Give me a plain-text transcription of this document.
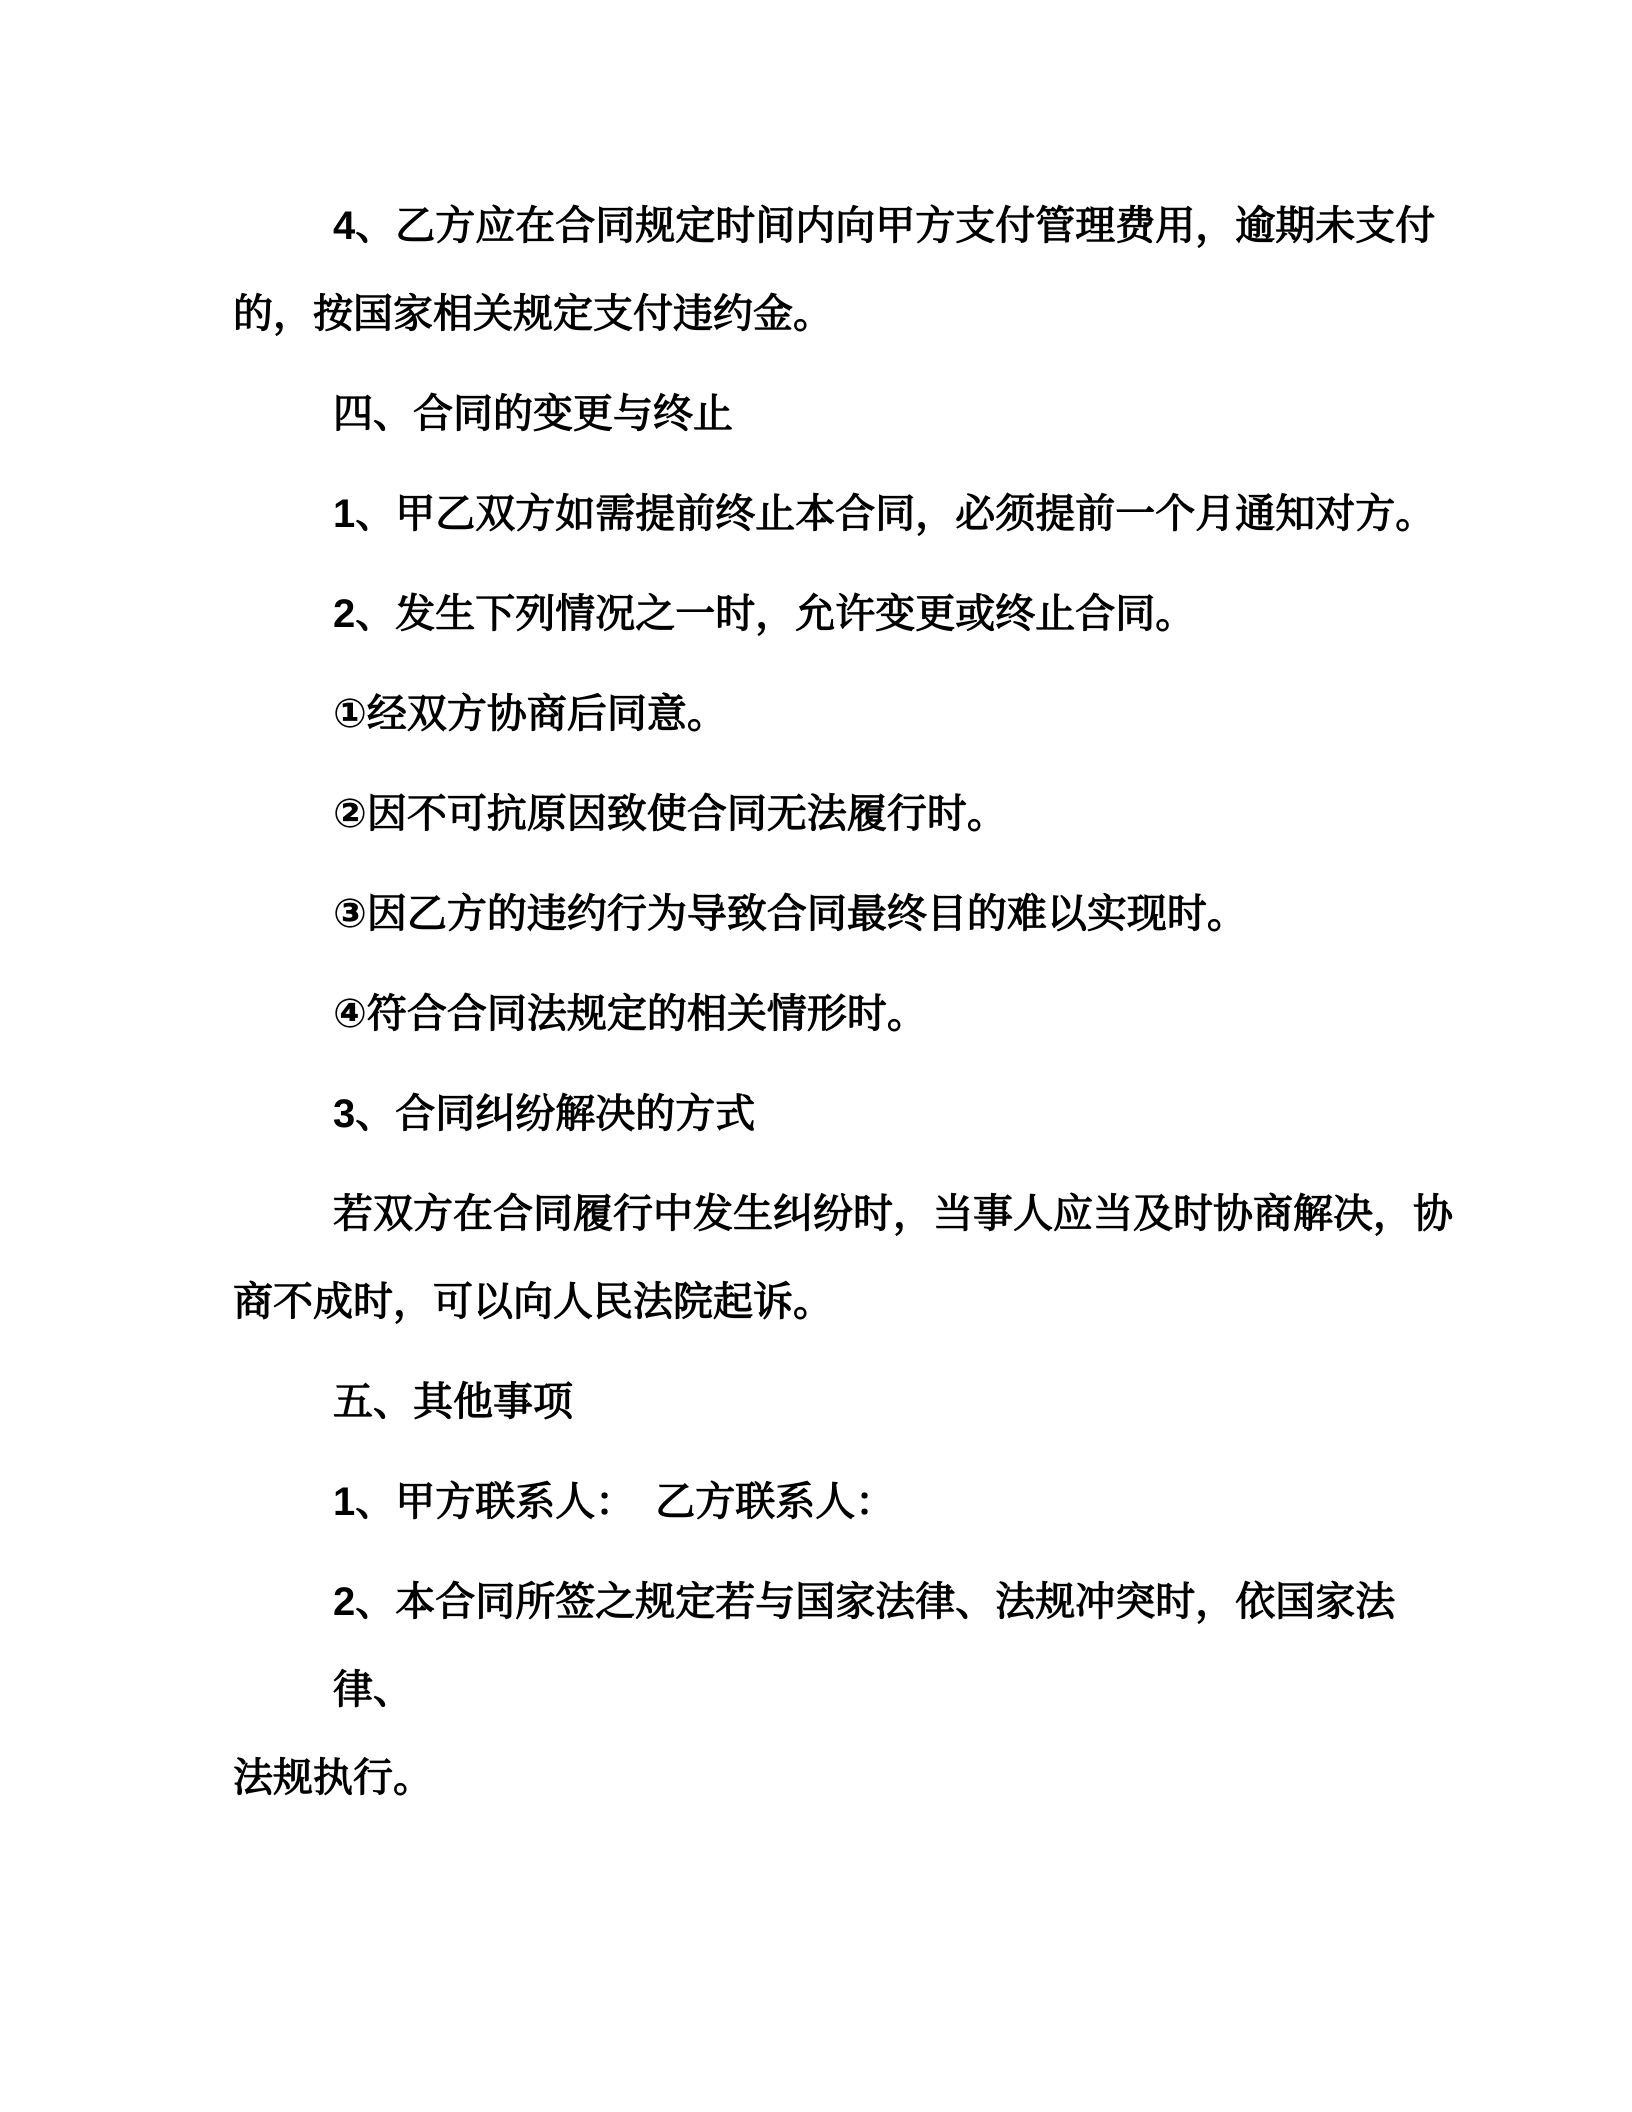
4、乙方应在合同规定时间内向甲方支付管理费用，逾期未支付
的，按国家相关规定支付违约金。
四、合同的变更与终止
1、甲乙双方如需提前终止本合同，必须提前一个月通知对方。
2、发生下列情况之一时，允许变更或终止合同。
①经双方协商后同意。
②因不可抗原因致使合同无法履行时。
③因乙方的违约行为导致合同最终目的难以实现时。
④符合合同法规定的相关情形时。
3、合同纠纷解决的方式
若双方在合同履行中发生纠纷时，当事人应当及时协商解决，协
商不成时，可以向人民法院起诉。
五、其他事项
1、甲方联系人：　乙方联系人：
2、本合同所签之规定若与国家法律、法规冲突时，依国家法律、
法规执行。
